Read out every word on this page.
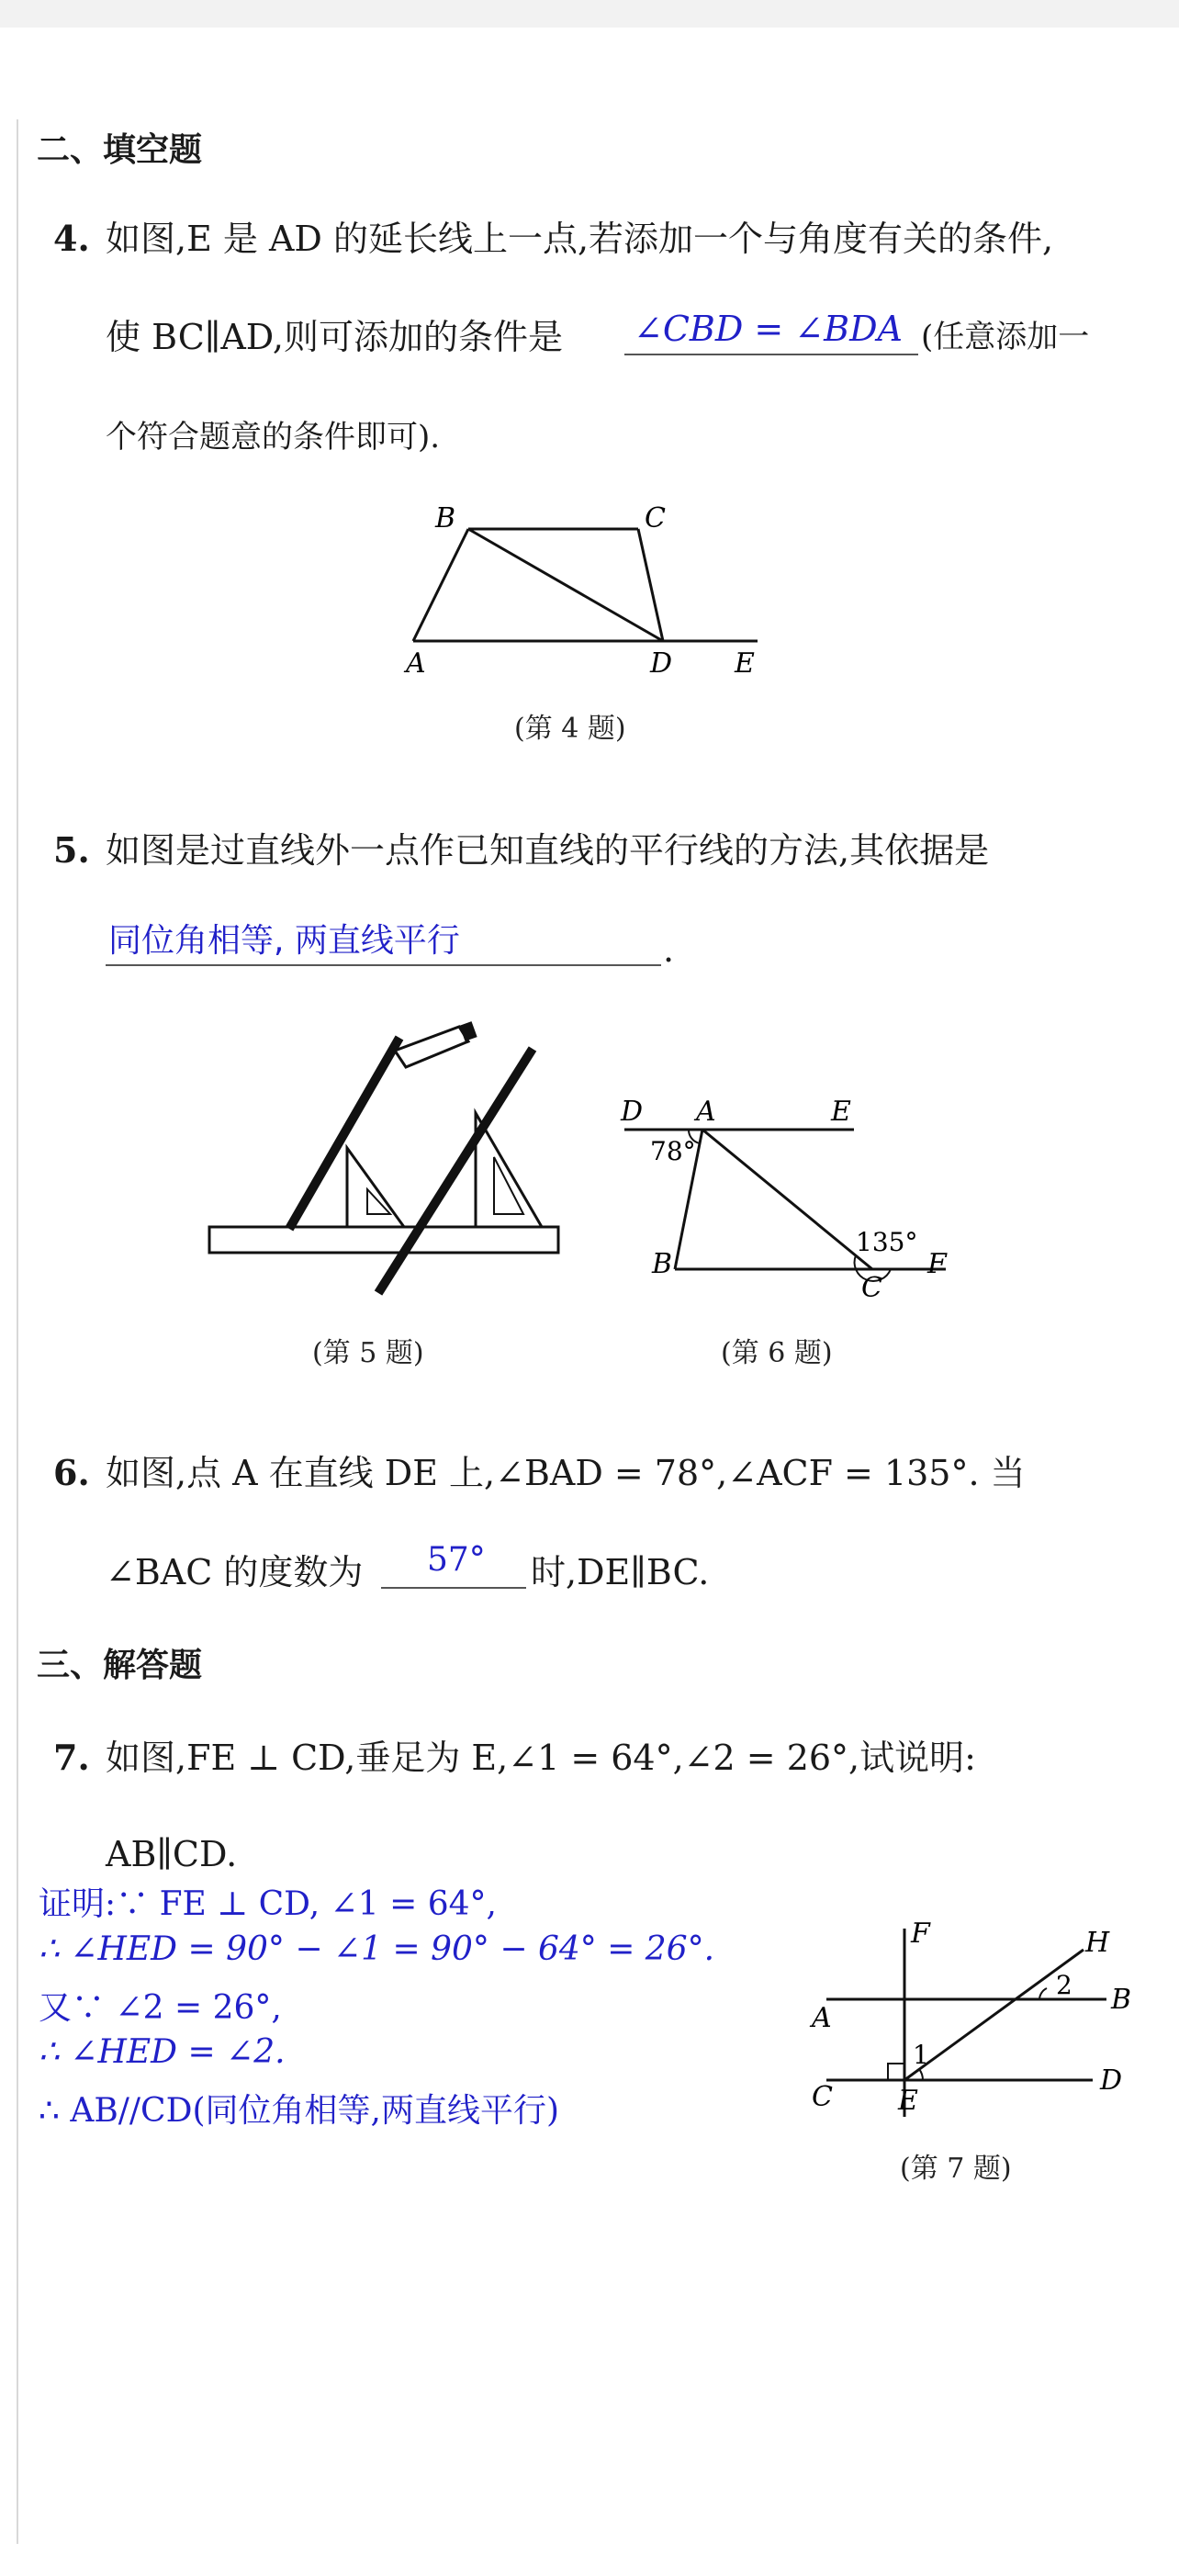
二、填空题
4. 如图,E 是 AD 的延长线上一点,若添加一个与角度有关的条件,
使 BC∥AD,则可添加的条件是 ∠CBD = ∠BDA (任意添加一
个符合题意的条件即可).
B	C
A	D E
(第 4 题)
5. 如图是过直线外一点作已知直线的平行线的方法,其依据是
同位角相等, 两直线平行	.
(第 5 题)
D A	E
78°
135°
B
C
F
(第 6 题)
6. 如图,点 A 在直线 DE 上,∠BAD = 78°,∠ACF = 135°. 当
∠BAC 的度数为 57° 时,DE∥BC.
三、解答题
7. 如图,FE ⊥ CD,垂足为 E,∠1 = 64°,∠2 = 26°,试说明:
AB∥CD.
证明:∵ FE ⊥ CD, ∠1 = 64°,
∴ ∠HED = 90° − ∠1 = 90° − 64° = 26°.
又∵ ∠2 = 26°,
∴ ∠HED = ∠2.
∴ AB//CD(同位角相等,两直线平行)
F	H
A
B
C
D
E
1
2
(第 7 题)
